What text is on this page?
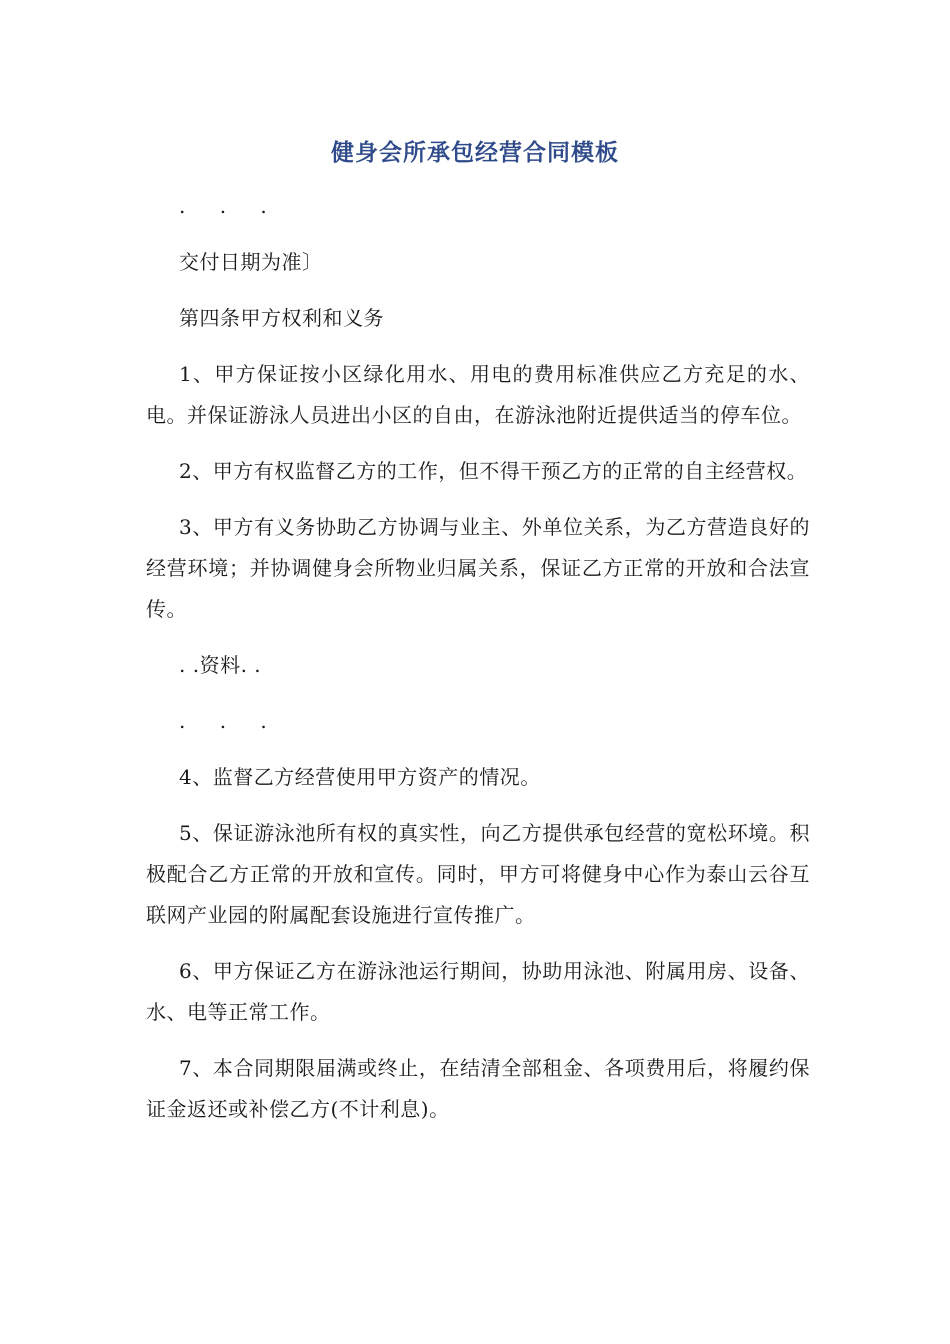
健身会所承包经营合同模板

. . .

交付日期为准〕

第四条甲方权利和义务

1、甲方保证按小区绿化用水、用电的费用标准供应乙方充足的水、电。并保证游泳人员进出小区的自由，在游泳池附近提供适当的停车位。

2、甲方有权监督乙方的工作，但不得干预乙方的正常的自主经营权。

3、甲方有义务协助乙方协调与业主、外单位关系，为乙方营造良好的经营环境；并协调健身会所物业归属关系，保证乙方正常的开放和合法宣传。

. .资料. .

. . .

4、监督乙方经营使用甲方资产的情况。

5、保证游泳池所有权的真实性，向乙方提供承包经营的宽松环境。积极配合乙方正常的开放和宣传。同时，甲方可将健身中心作为泰山云谷互联网产业园的附属配套设施进行宣传推广。

6、甲方保证乙方在游泳池运行期间，协助用泳池、附属用房、设备、水、电等正常工作。

7、本合同期限届满或终止，在结清全部租金、各项费用后，将履约保证金返还或补偿乙方(不计利息)。
